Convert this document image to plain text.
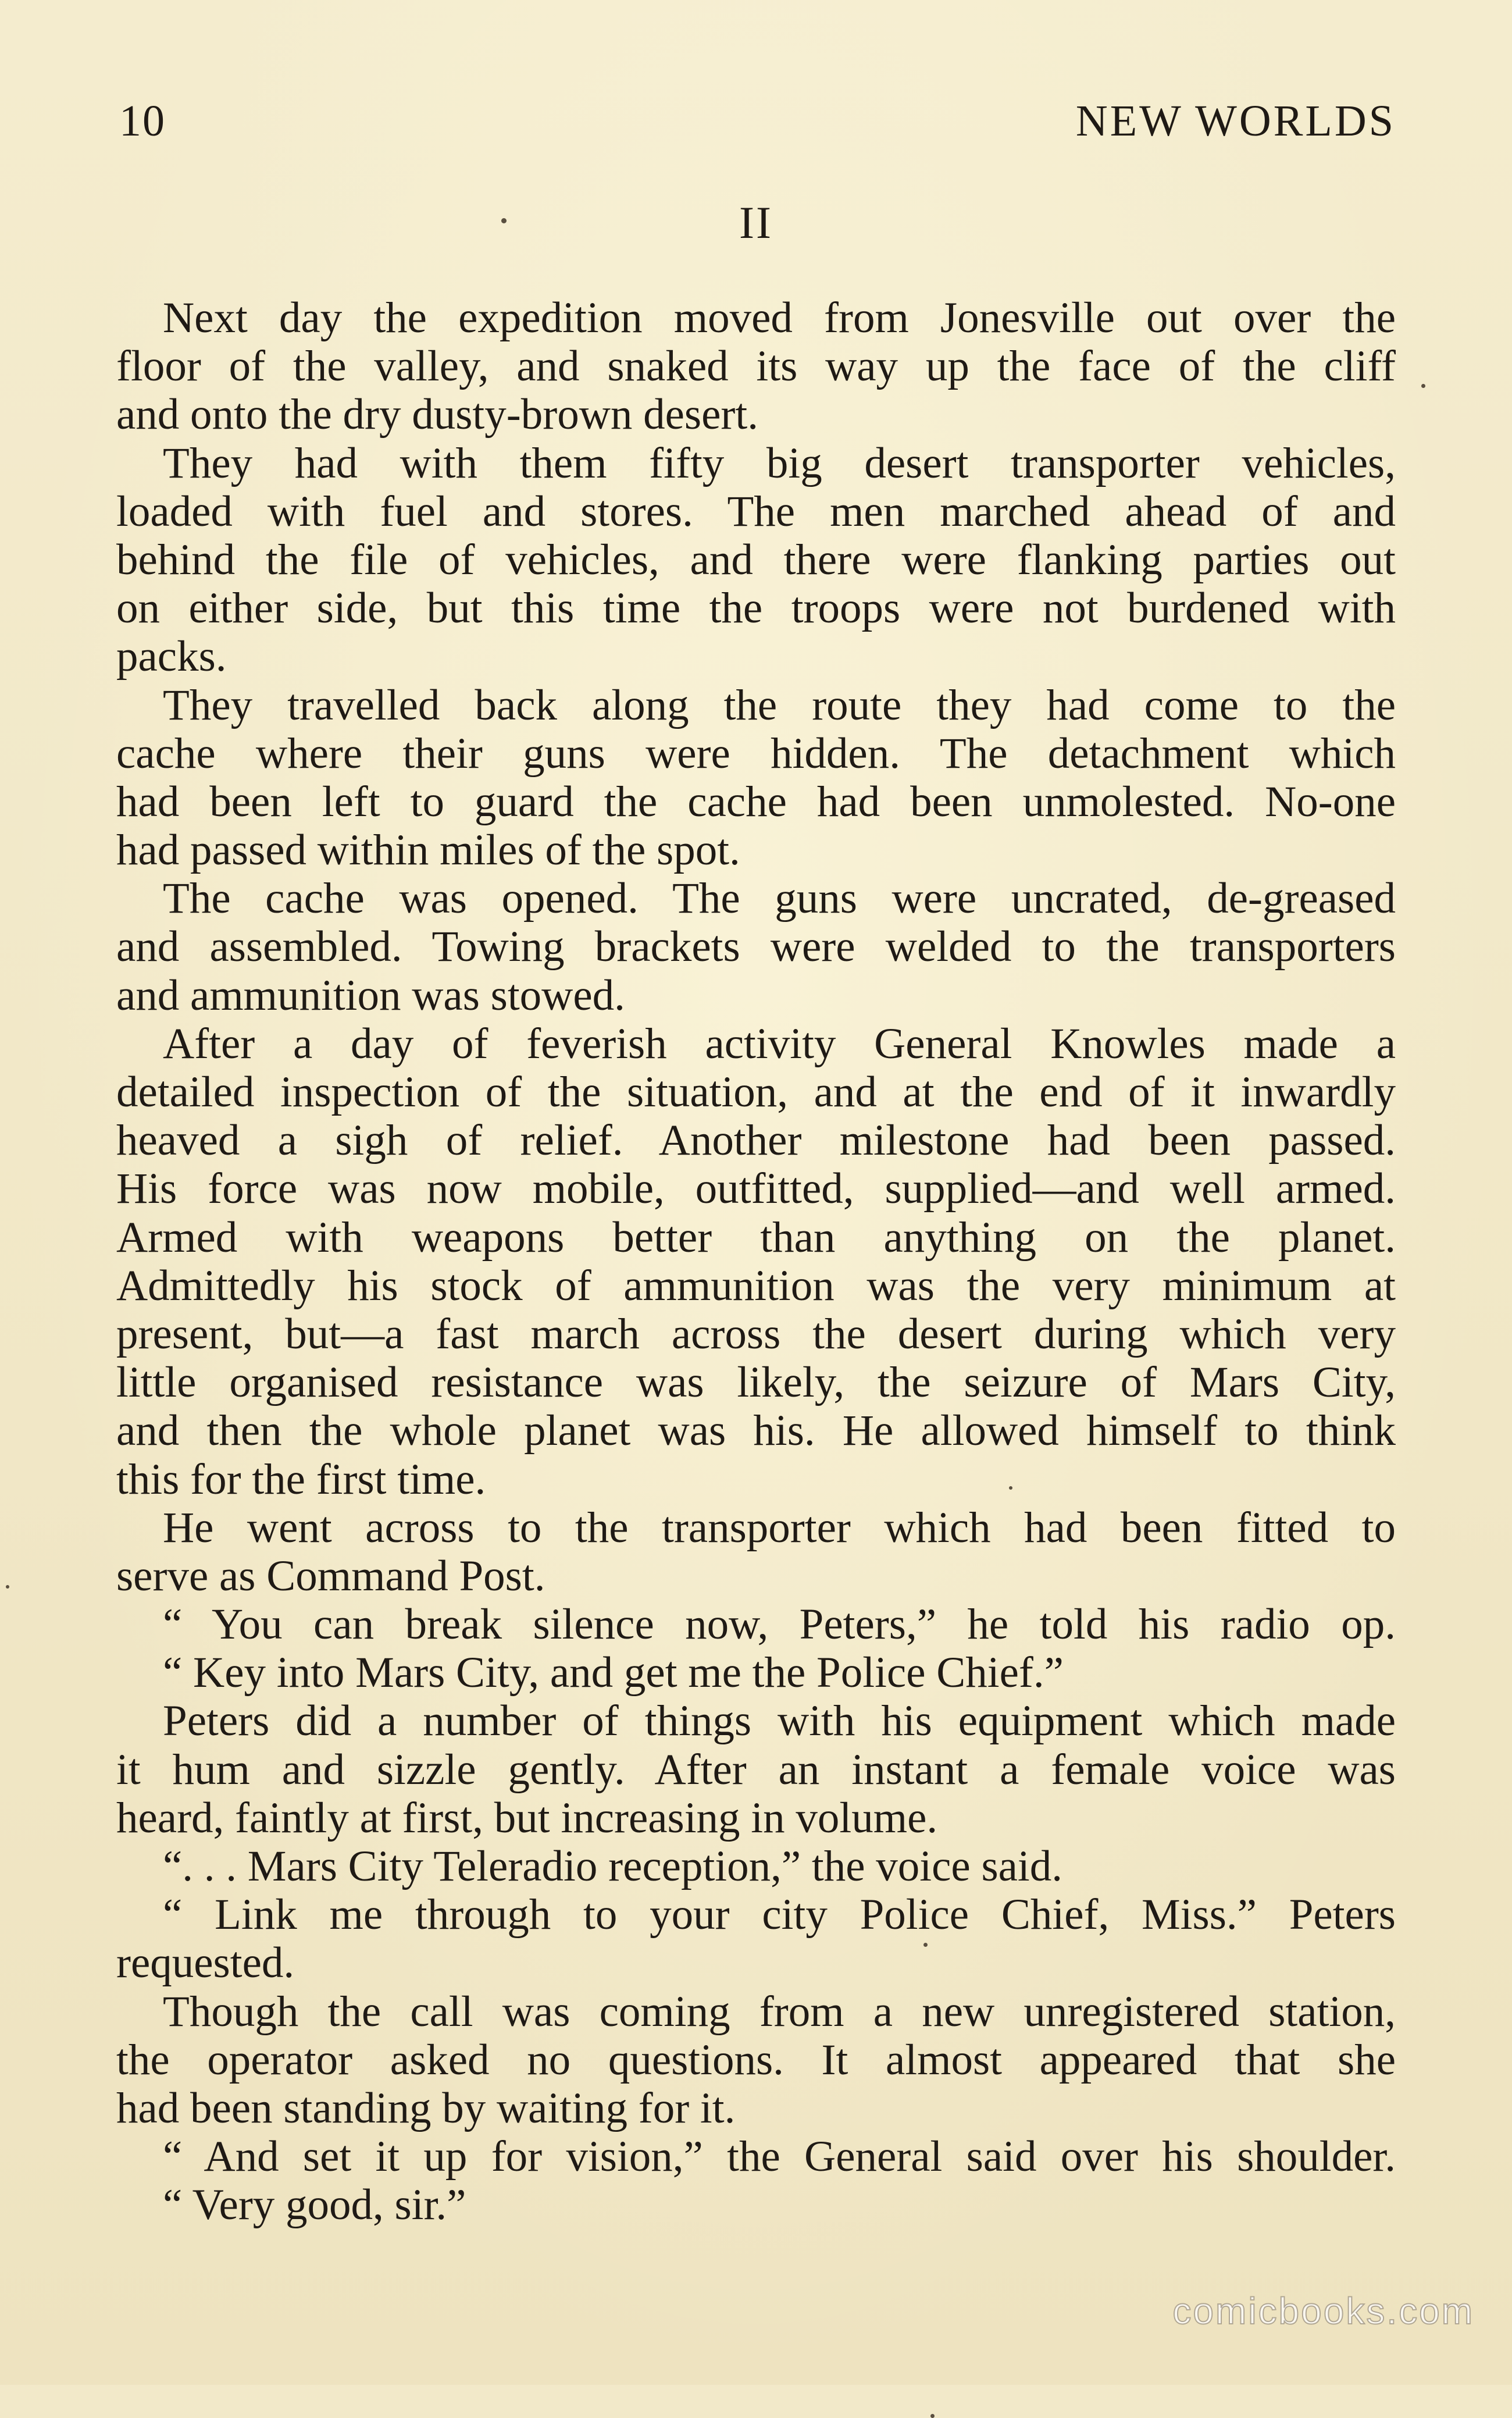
10	NEW WORLDS
II
Next day the expedition moved from Jonesville out over the
floor of the valley, and snaked its way up the face of the cliff
and onto the dry dusty-brown desert.
They had with them fifty big desert transporter vehicles,
loaded with fuel and stores. The men marched ahead of and
behind the file of vehicles, and there were flanking parties out
on either side, but this time the troops were not burdened with
packs.
They travelled back along the route they had come to the
cache where their guns were hidden. The detachment which
had been left to guard the cache had been unmolested. No-one
had passed within miles of the spot.
The cache was opened. The guns were uncrated, de-greased
and assembled. Towing brackets were welded to the transporters
and ammunition was stowed.
After a day of feverish activity General Knowles made a
detailed inspection of the situation, and at the end of it inwardly
heaved a sigh of relief. Another milestone had been passed.
His force was now mobile, outfitted, supplied—and well armed.
Armed with weapons better than anything on the planet.
Admittedly his stock of ammunition was the very minimum at
present, but—a fast march across the desert during which very
little organised resistance was likely, the seizure of Mars City,
and then the whole planet was his. He allowed himself to think
this for the first time.
He went across to the transporter which had been fitted to
serve as Command Post.
“ You can break silence now, Peters,” he told his radio op.
“ Key into Mars City, and get me the Police Chief.”
Peters did a number of things with his equipment which made
it hum and sizzle gently. After an instant a female voice was
heard, faintly at first, but increasing in volume.
“. . . Mars City Teleradio reception,” the voice said.
“ Link me through to your city Police Chief, Miss.” Peters
requested.
Though the call was coming from a new unregistered station,
the operator asked no questions. It almost appeared that she
had been standing by waiting for it.
“ And set it up for vision,” the General said over his shoulder.
“ Very good, sir.”
comicbooks.com
